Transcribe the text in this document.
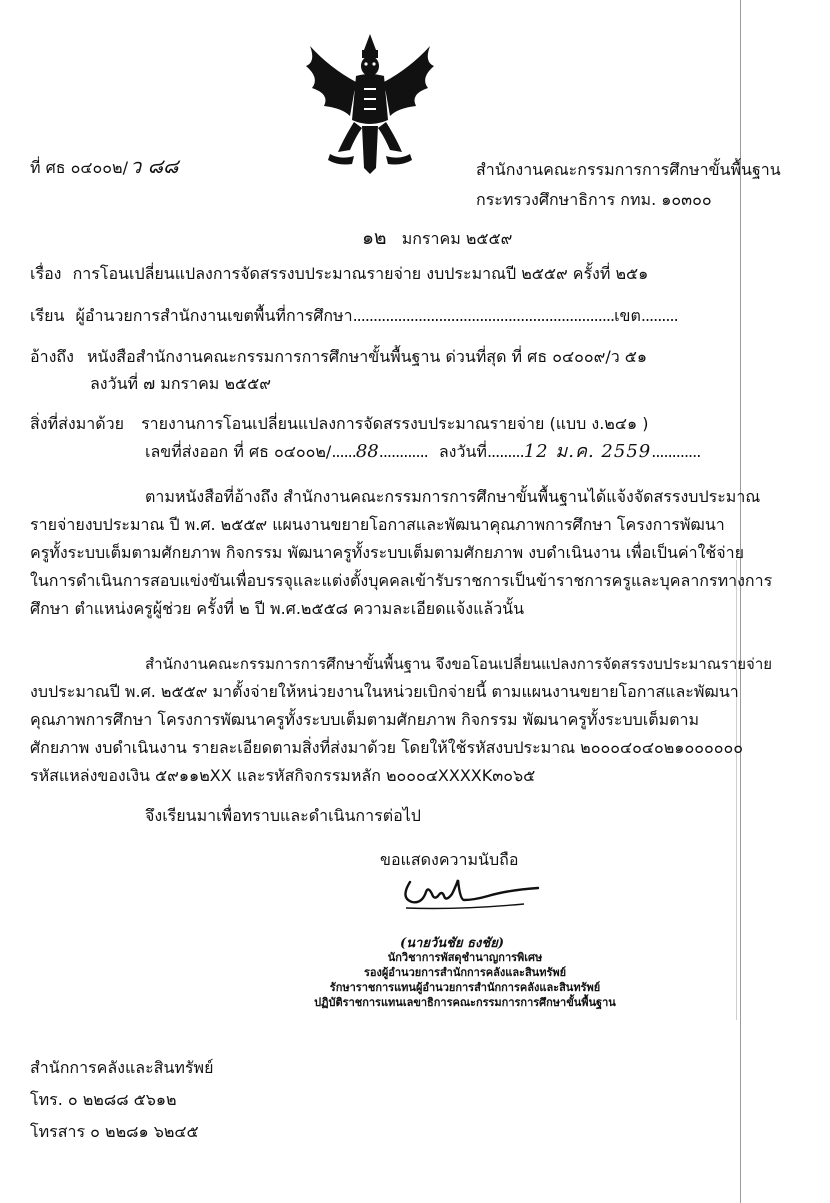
ที่ ศธ ๐๔๐๐๒/ ว ๘๘	สำนักงานคณะกรรมการการศึกษาขั้นพื้นฐาน
กระทรวงศึกษาธิการ กทม. ๑๐๓๐๐
๑๒ มกราคม ๒๕๕๙
เรื่อง การโอนเปลี่ยนแปลงการจัดสรรงบประมาณรายจ่าย งบประมาณปี ๒๕๕๙ ครั้งที่ ๒๕๑
เรียน ผู้อำนวยการสำนักงานเขตพื้นที่การศึกษา................................................................เขต.........
อ้างถึง หนังสือสำนักงานคณะกรรมการการศึกษาขั้นพื้นฐาน ด่วนที่สุด ที่ ศธ ๐๔๐๐๙/ว ๕๑
ลงวันที่ ๗ มกราคม ๒๕๕๙
สิ่งที่ส่งมาด้วย รายงานการโอนเปลี่ยนแปลงการจัดสรรงบประมาณรายจ่าย (แบบ ง.๒๔๑ )
เลขที่ส่งออก ที่ ศธ ๐๔๐๐๒/......88............ ลงวันที่.........12 ม.ค. 2559............
ตามหนังสือที่อ้างถึง สำนักงานคณะกรรมการการศึกษาขั้นพื้นฐานได้แจ้งจัดสรรงบประมาณ
รายจ่ายงบประมาณ ปี พ.ศ. ๒๕๕๙ แผนงานขยายโอกาสและพัฒนาคุณภาพการศึกษา โครงการพัฒนา
ครูทั้งระบบเต็มตามศักยภาพ กิจกรรม พัฒนาครูทั้งระบบเต็มตามศักยภาพ งบดำเนินงาน เพื่อเป็นค่าใช้จ่าย
ในการดำเนินการสอบแข่งขันเพื่อบรรจุและแต่งตั้งบุคคลเข้ารับราชการเป็นข้าราชการครูและบุคลากรทางการ
ศึกษา ตำแหน่งครูผู้ช่วย ครั้งที่ ๒ ปี พ.ศ.๒๕๕๘ ความละเอียดแจ้งแล้วนั้น
สำนักงานคณะกรรมการการศึกษาขั้นพื้นฐาน จึงขอโอนเปลี่ยนแปลงการจัดสรรงบประมาณรายจ่าย
งบประมาณปี พ.ศ. ๒๕๕๙ มาตั้งจ่ายให้หน่วยงานในหน่วยเบิกจ่ายนี้ ตามแผนงานขยายโอกาสและพัฒนา
คุณภาพการศึกษา โครงการพัฒนาครูทั้งระบบเต็มตามศักยภาพ กิจกรรม พัฒนาครูทั้งระบบเต็มตาม
ศักยภาพ งบดำเนินงาน รายละเอียดตามสิ่งที่ส่งมาด้วย โดยให้ใช้รหัสงบประมาณ ๒๐๐๐๔๐๔๐๒๑๐๐๐๐๐๐
รหัสแหล่งของเงิน ๕๙๑๑๒XX และรหัสกิจกรรมหลัก ๒๐๐๐๔XXXXK๓๐๖๕
จึงเรียนมาเพื่อทราบและดำเนินการต่อไป
ขอแสดงความนับถือ
(นายวันชัย ธงชัย)
นักวิชาการพัสดุชำนาญการพิเศษ
รองผู้อำนวยการสำนักการคลังและสินทรัพย์
รักษาราชการแทนผู้อำนวยการสำนักการคลังและสินทรัพย์
ปฏิบัติราชการแทนเลขาธิการคณะกรรมการการศึกษาขั้นพื้นฐาน
สำนักการคลังและสินทรัพย์
โทร. ๐ ๒๒๘๘ ๕๖๑๒
โทรสาร ๐ ๒๒๘๑ ๖๒๔๕
